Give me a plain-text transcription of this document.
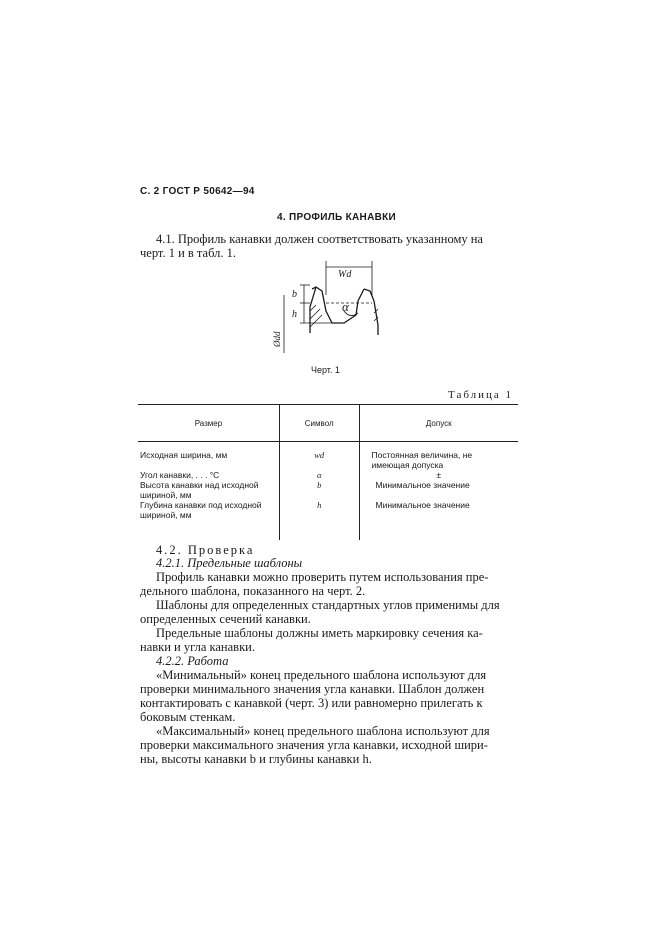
С. 2 ГОСТ Р 50642—94
4. ПРОФИЛЬ КАНАВКИ
4.1. Профиль канавки должен соответствовать указанному на
черт. 1 и в табл. 1.
Wd
b
h
α
Ødd
Черт. 1
Таблица 1
Размер	Символ	Допуск

Исходная ширина, мм	wd	Постоянная величина, не
имеющая допуска

Угол канавки, . . . °С	α	±

Высота канавки над исходной
шириной, мм	b	Минимальное значение

Глубина канавки под исходной
шириной, мм	h	Минимальное значение
4.2. Проверка
4.2.1. Предельные шаблоны
Профиль канавки можно проверить путем использования пре-
дельного шаблона, показанного на черт. 2.
Шаблоны для определенных стандартных углов применимы для
определенных сечений канавки.
Предельные шаблоны должны иметь маркировку сечения ка-
навки и угла канавки.
4.2.2. Работа
«Минимальный» конец предельного шаблона используют для
проверки минимального значения угла канавки. Шаблон должен
контактировать с канавкой (черт. 3) или равномерно прилегать к
боковым стенкам.
«Максимальный» конец предельного шаблона используют для
проверки максимального значения угла канавки, исходной шири-
ны, высоты канавки b и глубины канавки h.
